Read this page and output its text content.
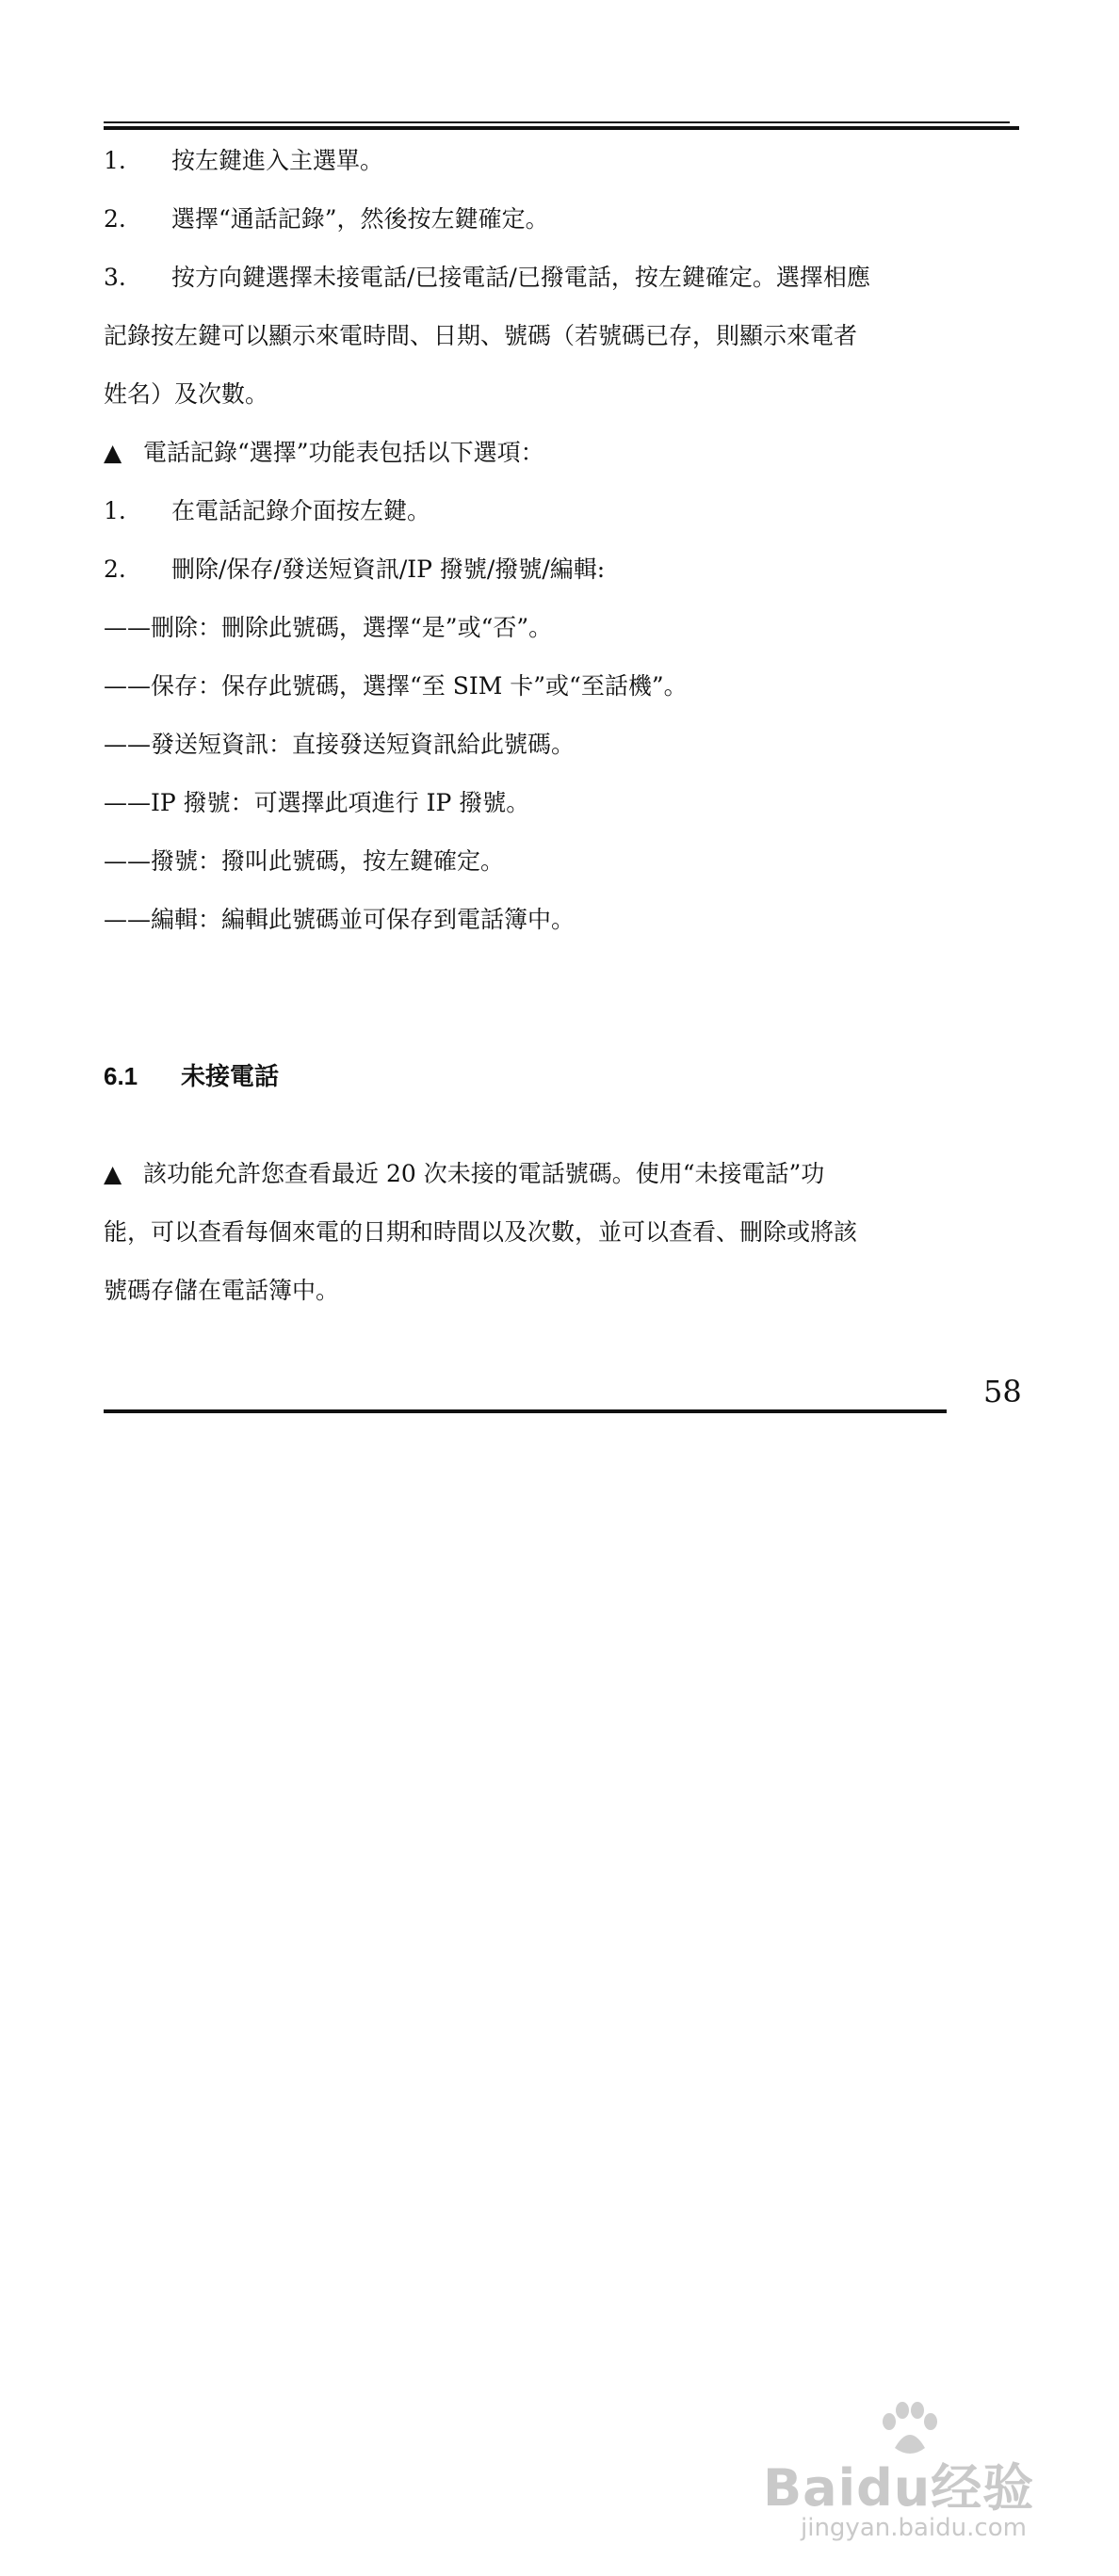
1. 按左鍵進入主選單。
2. 選擇“通話記錄”，然後按左鍵確定。
3. 按方向鍵選擇未接電話/已接電話/已撥電話，按左鍵確定。選擇相應
記錄按左鍵可以顯示來電時間、日期、號碼（若號碼已存，則顯示來電者
姓名）及次數。
▲ 電話記錄“選擇”功能表包括以下選項：
1. 在電話記錄介面按左鍵。
2. 刪除/保存/發送短資訊/IP 撥號/撥號/編輯:
——刪除：刪除此號碼，選擇“是”或“否”。
——保存：保存此號碼，選擇“至 SIM 卡”或“至話機”。
——發送短資訊：直接發送短資訊給此號碼。
——IP 撥號：可選擇此項進行 IP 撥號。
——撥號：撥叫此號碼，按左鍵確定。
——編輯：編輯此號碼並可保存到電話簿中。
6.1 未接電話
▲ 該功能允許您查看最近 20 次未接的電話號碼。使用“未接電話”功
能，可以查看每個來電的日期和時間以及次數，並可以查看、刪除或將該
號碼存儲在電話簿中。
58
Baidu经验
jingyan.baidu.com
